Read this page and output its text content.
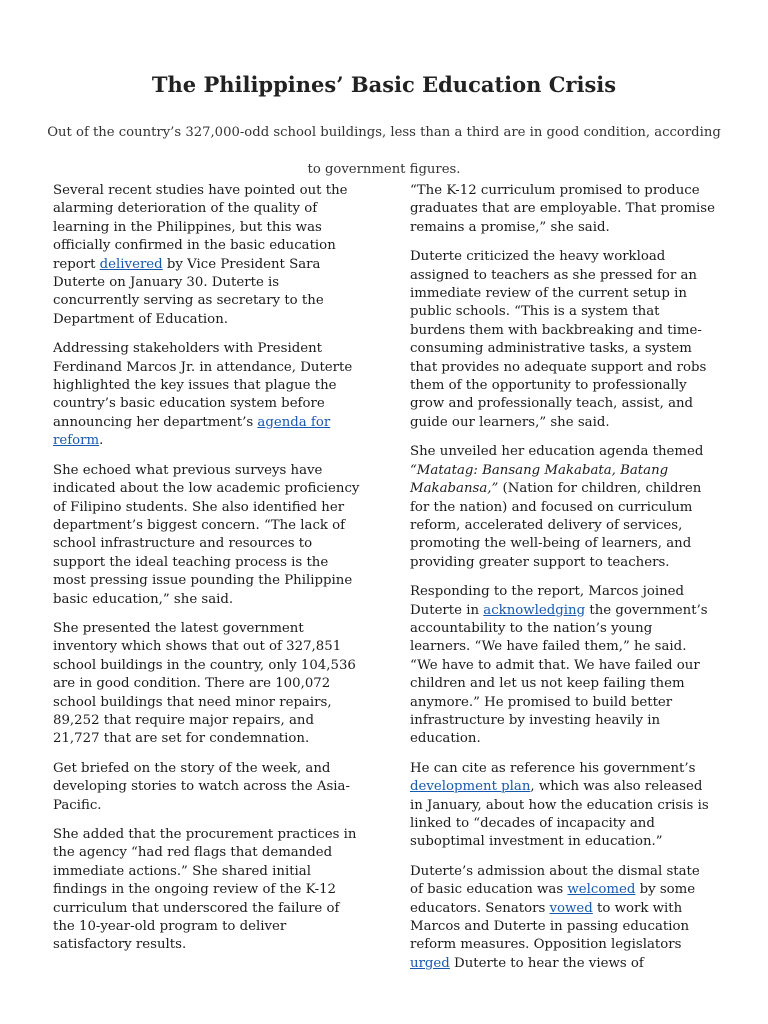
The Philippines’ Basic Education Crisis

Out of the country’s 327,000-odd school buildings, less than a third are in good condition, according to government figures.

Several recent studies have pointed out the alarming deterioration of the quality of learning in the Philippines, but this was officially confirmed in the basic education report delivered by Vice President Sara Duterte on January 30. Duterte is concurrently serving as secretary to the Department of Education.

Addressing stakeholders with President Ferdinand Marcos Jr. in attendance, Duterte highlighted the key issues that plague the country’s basic education system before announcing her department’s agenda for reform.

She echoed what previous surveys have indicated about the low academic proficiency of Filipino students. She also identified her department’s biggest concern. “The lack of school infrastructure and resources to support the ideal teaching process is the most pressing issue pounding the Philippine basic education,” she said.

She presented the latest government inventory which shows that out of 327,851 school buildings in the country, only 104,536 are in good condition. There are 100,072 school buildings that need minor repairs, 89,252 that require major repairs, and 21,727 that are set for condemnation.

Get briefed on the story of the week, and developing stories to watch across the Asia-Pacific.

She added that the procurement practices in the agency “had red flags that demanded immediate actions.” She shared initial findings in the ongoing review of the K-12 curriculum that underscored the failure of the 10-year-old program to deliver satisfactory results.

“The K-12 curriculum promised to produce graduates that are employable. That promise remains a promise,” she said.

Duterte criticized the heavy workload assigned to teachers as she pressed for an immediate review of the current setup in public schools. “This is a system that burdens them with backbreaking and time-consuming administrative tasks, a system that provides no adequate support and robs them of the opportunity to professionally grow and professionally teach, assist, and guide our learners,” she said.

She unveiled her education agenda themed “Matatag: Bansang Makabata, Batang Makabansa,” (Nation for children, children for the nation) and focused on curriculum reform, accelerated delivery of services, promoting the well-being of learners, and providing greater support to teachers.

Responding to the report, Marcos joined Duterte in acknowledging the government’s accountability to the nation’s young learners. “We have failed them,” he said. “We have to admit that. We have failed our children and let us not keep failing them anymore.” He promised to build better infrastructure by investing heavily in education.

He can cite as reference his government’s development plan, which was also released in January, about how the education crisis is linked to “decades of incapacity and suboptimal investment in education.”

Duterte’s admission about the dismal state of basic education was welcomed by some educators. Senators vowed to work with Marcos and Duterte in passing education reform measures. Opposition legislators urged Duterte to hear the views of
